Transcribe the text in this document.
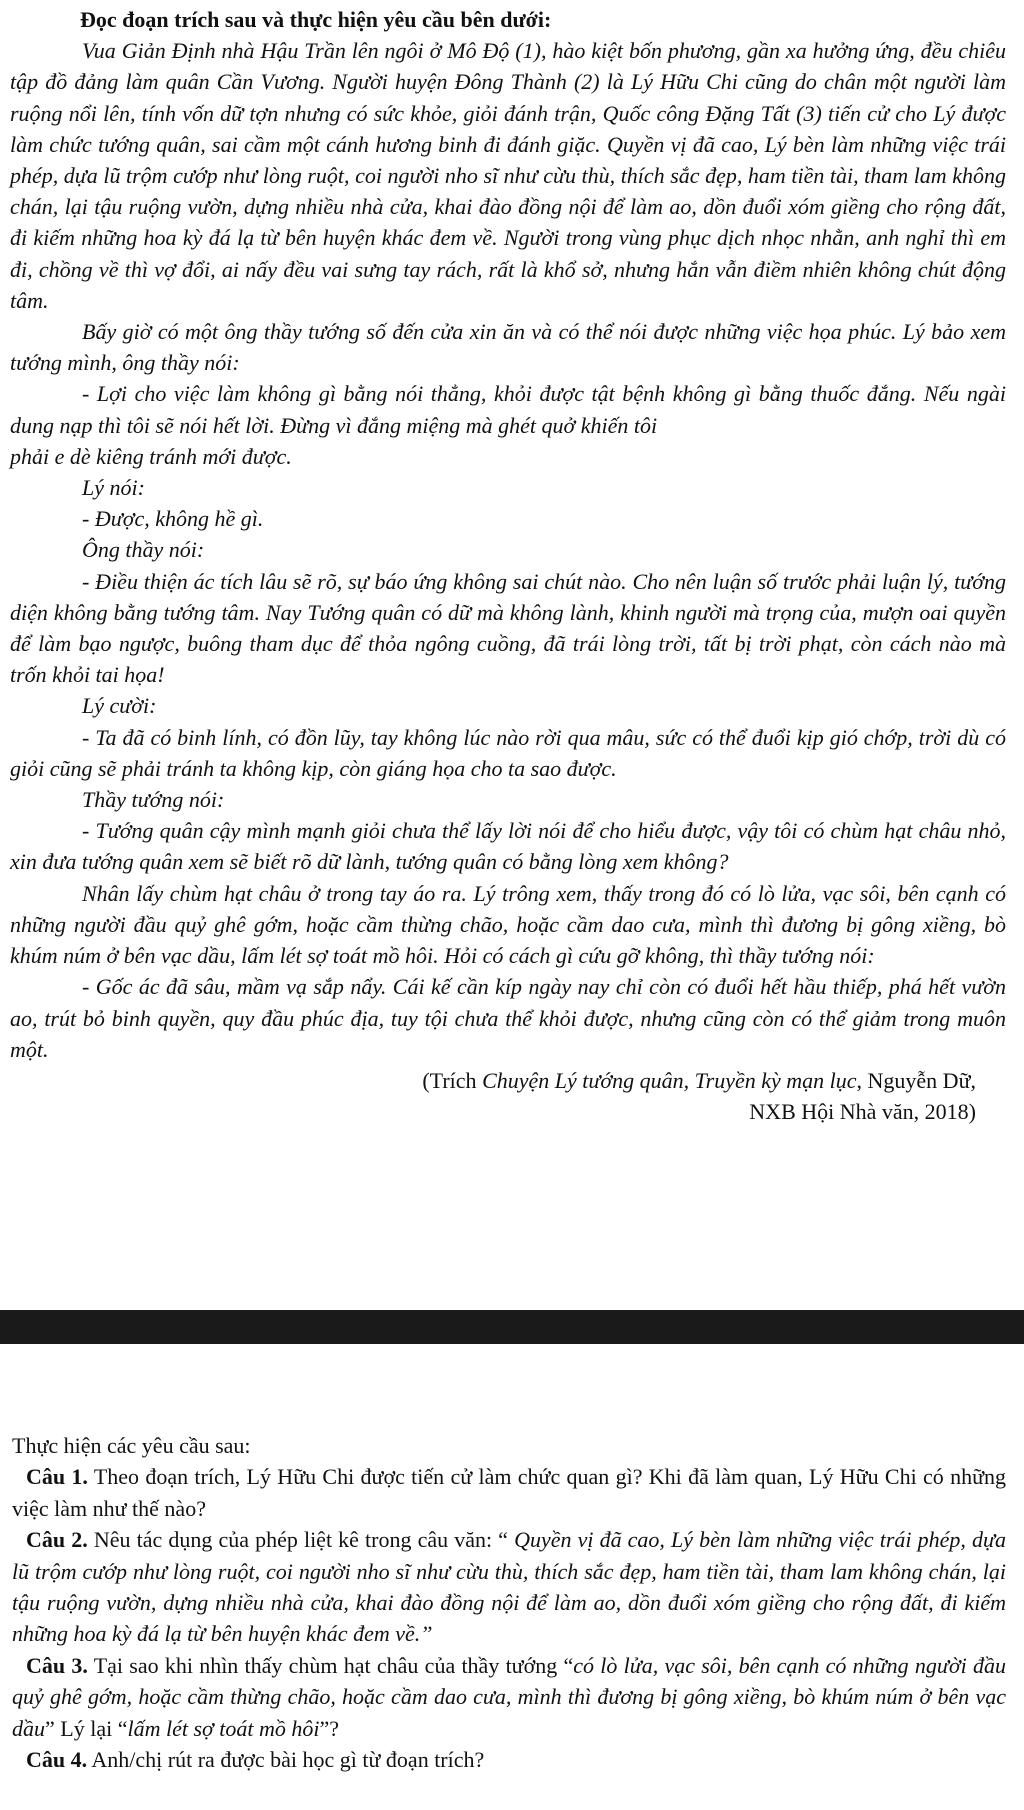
Đọc đoạn trích sau và thực hiện yêu cầu bên dưới:

Vua Giản Định nhà Hậu Trần lên ngôi ở Mô Độ (1), hào kiệt bốn phương, gần xa hưởng ứng, đều chiêu tập đồ đảng làm quân Cần Vương. Người huyện Đông Thành (2) là Lý Hữu Chi cũng do chân một người làm ruộng nổi lên, tính vốn dữ tợn nhưng có sức khỏe, giỏi đánh trận, Quốc công Đặng Tất (3) tiến cử cho Lý được làm chức tướng quân, sai cầm một cánh hương binh đi đánh giặc. Quyền vị đã cao, Lý bèn làm những việc trái phép, dựa lũ trộm cướp như lòng ruột, coi người nho sĩ như cừu thù, thích sắc đẹp, ham tiền tài, tham lam không chán, lại tậu ruộng vườn, dựng nhiều nhà cửa, khai đào đồng nội để làm ao, dồn đuổi xóm giềng cho rộng đất, đi kiếm những hoa kỳ đá lạ từ bên huyện khác đem về. Người trong vùng phục dịch nhọc nhằn, anh nghỉ thì em đi, chồng về thì vợ đổi, ai nấy đều vai sưng tay rách, rất là khổ sở, nhưng hắn vẫn điềm nhiên không chút động tâm.

Bấy giờ có một ông thầy tướng số đến cửa xin ăn và có thể nói được những việc họa phúc. Lý bảo xem tướng mình, ông thầy nói:

- Lợi cho việc làm không gì bằng nói thẳng, khỏi được tật bệnh không gì bằng thuốc đắng. Nếu ngài dung nạp thì tôi sẽ nói hết lời. Đừng vì đắng miệng mà ghét quở khiến tôi

phải e dè kiêng tránh mới được.

Lý nói:

- Được, không hề gì.

Ông thầy nói:

- Điều thiện ác tích lâu sẽ rõ, sự báo ứng không sai chút nào. Cho nên luận số trước phải luận lý, tướng diện không bằng tướng tâm. Nay Tướng quân có dữ mà không lành, khinh người mà trọng của, mượn oai quyền để làm bạo ngược, buông tham dục để thỏa ngông cuồng, đã trái lòng trời, tất bị trời phạt, còn cách nào mà trốn khỏi tai họa!

Lý cười:

- Ta đã có binh lính, có đồn lũy, tay không lúc nào rời qua mâu, sức có thể đuổi kịp gió chớp, trời dù có giỏi cũng sẽ phải tránh ta không kịp, còn giáng họa cho ta sao được.

Thầy tướng nói:

- Tướng quân cậy mình mạnh giỏi chưa thể lấy lời nói để cho hiểu được, vậy tôi có chùm hạt châu nhỏ, xin đưa tướng quân xem sẽ biết rõ dữ lành, tướng quân có bằng lòng xem không?

Nhân lấy chùm hạt châu ở trong tay áo ra. Lý trông xem, thấy trong đó có lò lửa, vạc sôi, bên cạnh có những người đầu quỷ ghê gớm, hoặc cầm thừng chão, hoặc cầm dao cưa, mình thì đương bị gông xiềng, bò khúm núm ở bên vạc dầu, lấm lét sợ toát mồ hôi. Hỏi có cách gì cứu gỡ không, thì thầy tướng nói:

- Gốc ác đã sâu, mầm vạ sắp nẩy. Cái kế cần kíp ngày nay chỉ còn có đuổi hết hầu thiếp, phá hết vườn ao, trút bỏ binh quyền, quy đầu phúc địa, tuy tội chưa thể khỏi được, nhưng cũng còn có thể giảm trong muôn một.

(Trích Chuyện Lý tướng quân, Truyền kỳ mạn lục, Nguyễn Dữ,

NXB Hội Nhà văn, 2018)

Thực hiện các yêu cầu sau:

Câu 1. Theo đoạn trích, Lý Hữu Chi được tiến cử làm chức quan gì? Khi đã làm quan, Lý Hữu Chi có những việc làm như thế nào?

Câu 2. Nêu tác dụng của phép liệt kê trong câu văn: “ Quyền vị đã cao, Lý bèn làm những việc trái phép, dựa lũ trộm cướp như lòng ruột, coi người nho sĩ như cừu thù, thích sắc đẹp, ham tiền tài, tham lam không chán, lại tậu ruộng vườn, dựng nhiều nhà cửa, khai đào đồng nội để làm ao, dồn đuổi xóm giềng cho rộng đất, đi kiếm những hoa kỳ đá lạ từ bên huyện khác đem về.”

Câu 3. Tại sao khi nhìn thấy chùm hạt châu của thầy tướng “có lò lửa, vạc sôi, bên cạnh có những người đầu quỷ ghê gớm, hoặc cầm thừng chão, hoặc cầm dao cưa, mình thì đương bị gông xiềng, bò khúm núm ở bên vạc dầu” Lý lại “lấm lét sợ toát mồ hôi”?

Câu 4. Anh/chị rút ra được bài học gì từ đoạn trích?
